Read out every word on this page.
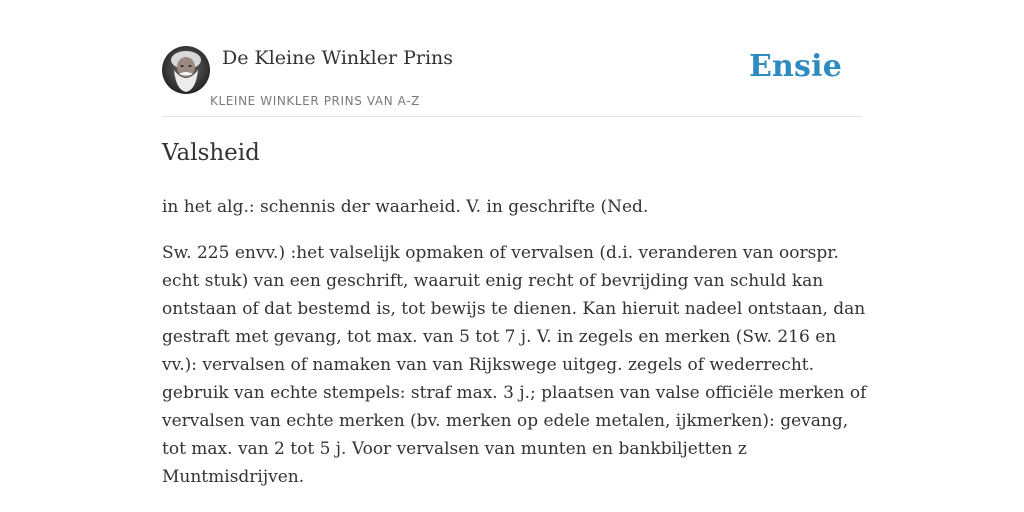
De Kleine Winkler Prins
KLEINE WINKLER PRINS VAN A-Z
Ensie
Valsheid

in het alg.: schennis der waarheid. V. in geschrifte (Ned.

Sw. 225 envv.) :het valselijk opmaken of vervalsen (d.i. veranderen van oorspr.
echt stuk) van een geschrift, waaruit enig recht of bevrijding van schuld kan
ontstaan of dat bestemd is, tot bewijs te dienen. Kan hieruit nadeel ontstaan, dan
gestraft met gevang, tot max. van 5 tot 7 j. V. in zegels en merken (Sw. 216 en
vv.): vervalsen of namaken van van Rijkswege uitgeg. zegels of wederrecht.
gebruik van echte stempels: straf max. 3 j.; plaatsen van valse officiële merken of
vervalsen van echte merken (bv. merken op edele metalen, ijkmerken): gevang,
tot max. van 2 tot 5 j. Voor vervalsen van munten en bankbiljetten z
Muntmisdrijven.
